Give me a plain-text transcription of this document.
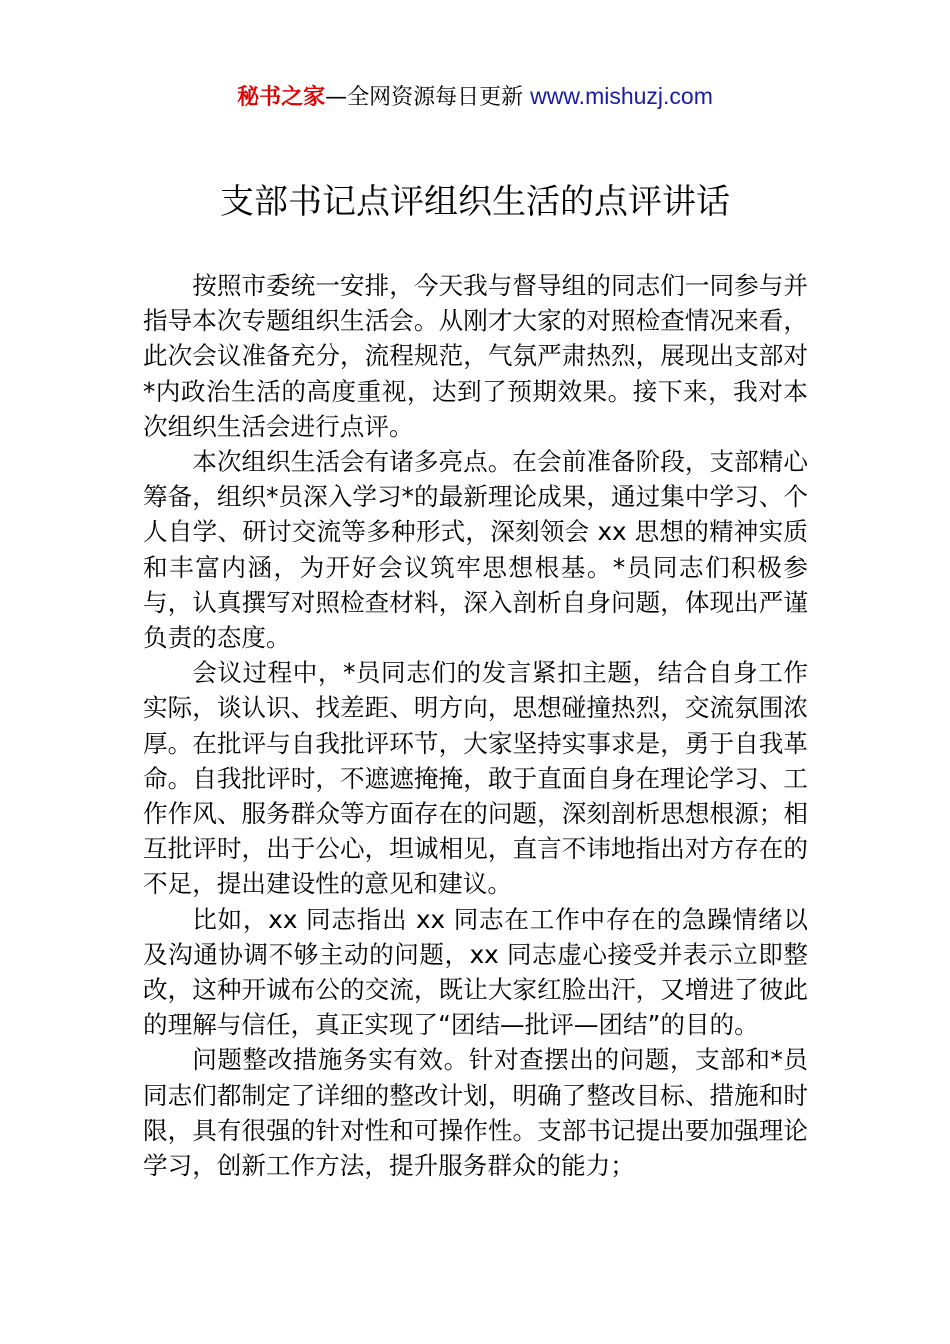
秘书之家—全网资源每日更新 www.mishuzj.com
支部书记点评组织生活的点评讲话

按照市委统一安排，今天我与督导组的同志们一同参与并指导本次专题组织生活会。从刚才大家的对照检查情况来看，此次会议准备充分，流程规范，气氛严肃热烈，展现出支部对*内政治生活的高度重视，达到了预期效果。接下来，我对本次组织生活会进行点评。

本次组织生活会有诸多亮点。在会前准备阶段，支部精心筹备，组织*员深入学习*的最新理论成果，通过集中学习、个人自学、研讨交流等多种形式，深刻领会 xx 思想的精神实质和丰富内涵，为开好会议筑牢思想根基。*员同志们积极参与，认真撰写对照检查材料，深入剖析自身问题，体现出严谨负责的态度。

会议过程中，*员同志们的发言紧扣主题，结合自身工作实际，谈认识、找差距、明方向，思想碰撞热烈，交流氛围浓厚。在批评与自我批评环节，大家坚持实事求是，勇于自我革命。自我批评时，不遮遮掩掩，敢于直面自身在理论学习、工作作风、服务群众等方面存在的问题，深刻剖析思想根源；相互批评时，出于公心，坦诚相见，直言不讳地指出对方存在的不足，提出建设性的意见和建议。

比如，xx 同志指出 xx 同志在工作中存在的急躁情绪以及沟通协调不够主动的问题，xx 同志虚心接受并表示立即整改，这种开诚布公的交流，既让大家红脸出汗，又增进了彼此的理解与信任，真正实现了“团结—批评—团结”的目的。

问题整改措施务实有效。针对查摆出的问题，支部和*员同志们都制定了详细的整改计划，明确了整改目标、措施和时限，具有很强的针对性和可操作性。支部书记提出要加强理论学习，创新工作方法，提升服务群众的能力；
